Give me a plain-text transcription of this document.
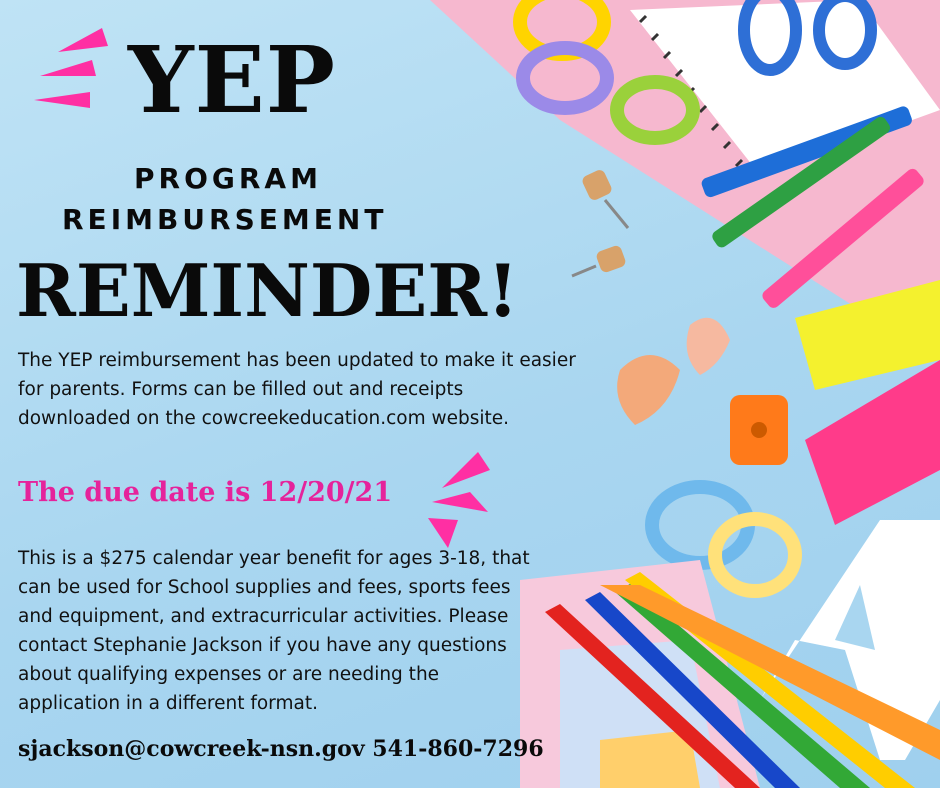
YEP

PROGRAM

REIMBURSEMENT

REMINDER!

The YEP reimbursement has been updated to make it easier for parents. Forms can be filled out and receipts downloaded on the cowcreekeducation.com website.

The due date is 12/20/21

This is a $275 calendar year benefit for ages 3-18, that can be used for School supplies and fees, sports fees and equipment, and extracurricular activities. Please contact Stephanie Jackson if you have any questions about qualifying expenses or are needing the application in a different format.

sjackson@cowcreek-nsn.gov 541-860-7296
